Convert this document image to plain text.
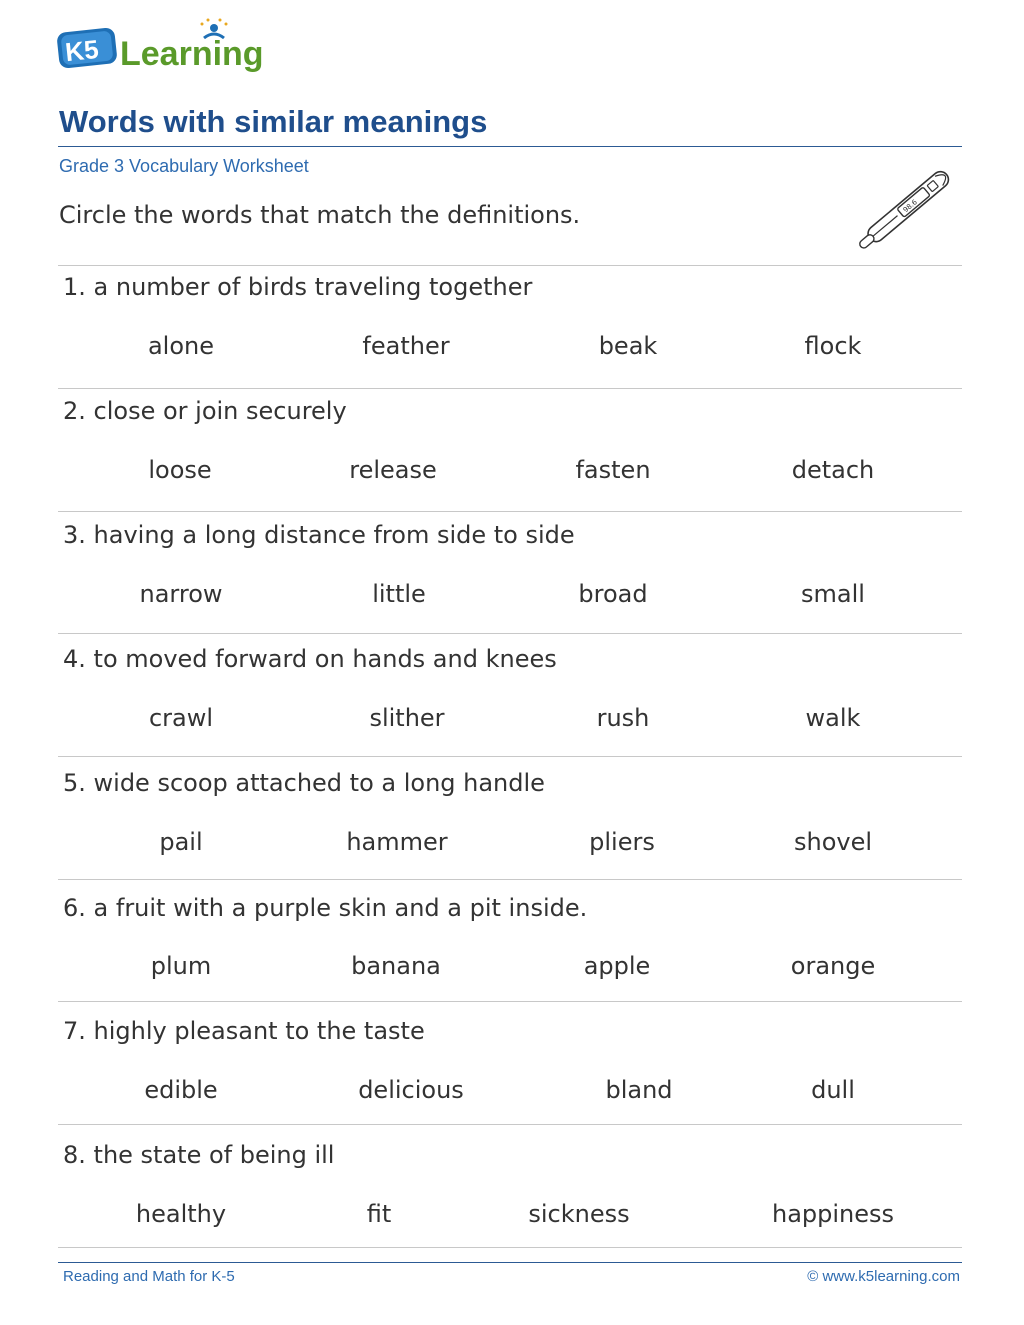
K5 Learning
Words with similar meanings
Grade 3 Vocabulary Worksheet
Circle the words that match the definitions.	98.6
1. a number of birds traveling together
alone	feather	beak	flock
2. close or join securely
loose	release	fasten	detach
3. having a long distance from side to side
narrow	little	broad	small
4. to moved forward on hands and knees
crawl	slither	rush	walk
5. wide scoop attached to a long handle
pail	hammer	pliers	shovel
6. a fruit with a purple skin and a pit inside.
plum	banana	apple	orange
7. highly pleasant to the taste
edible	delicious	bland	dull
8. the state of being ill
healthy	fit	sickness	happiness
Reading and Math for K-5	© www.k5learning.com
